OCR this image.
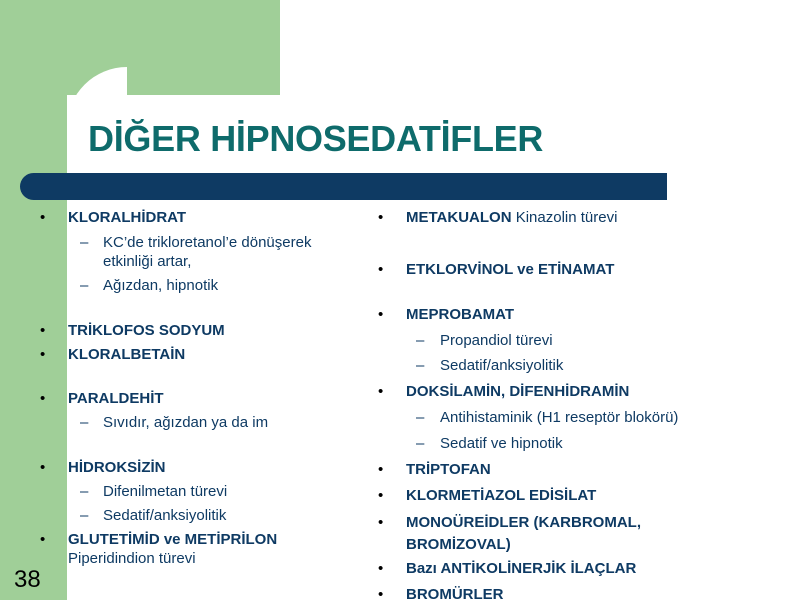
DİĞER HİPNOSEDATİFLER
• KLORALHİDRAT
– KC’de trikloretanol’e dönüşerek etkinliği artar,
– Ağızdan, hipnotik
• TRİKLOFOS SODYUM
• KLORALBETAİN
• PARALDEHİT
– Sıvıdır, ağızdan ya da im
• HİDROKSİZİN
– Difenilmetan türevi
– Sedatif/anksiyolitik
• GLUTETİMİD ve METİPRİLON
Piperidindion türevi
• METAKUALON Kinazolin türevi
• ETKLORVİNOL ve ETİNAMAT
• MEPROBAMAT
– Propandiol türevi
– Sedatif/anksiyolitik
• DOKSİLAMİN, DİFENHİDRAMİN
– Antihistaminik (H1 reseptör blokörü)
– Sedatif ve hipnotik
• TRİPTOFAN
• KLORMETİAZOL EDİSİLAT
• MONOÜREİDLER (KARBROMAL, BROMİZOVAL)
• Bazı ANTİKOLİNERJİK İLAÇLAR
• BROMÜRLER
38
